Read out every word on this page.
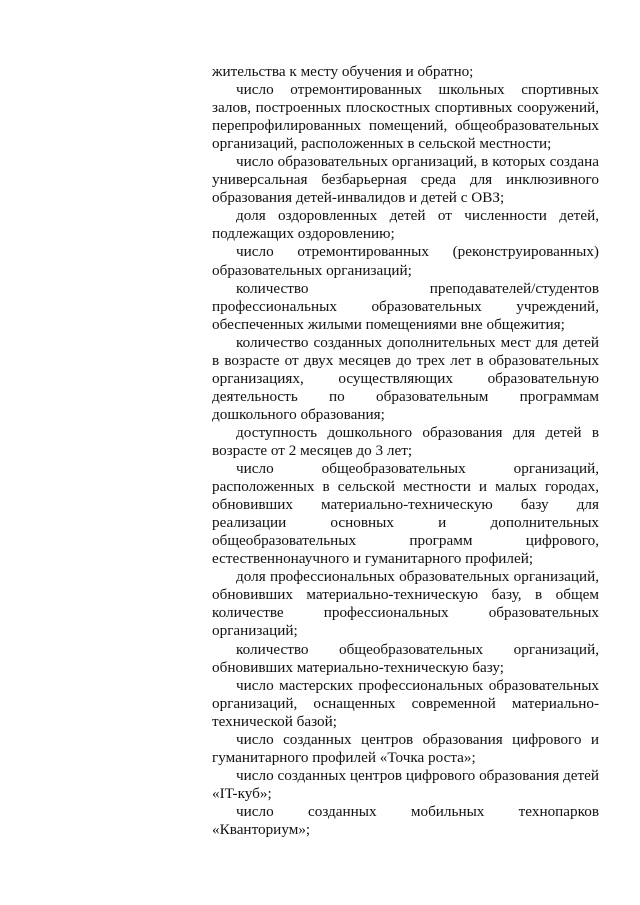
жительства к месту обучения и обратно;

число отремонтированных школьных спортивных залов, построенных плоскостных спортивных сооружений, перепрофилированных помещений, общеобразовательных организаций, расположенных в сельской местности;

число образовательных организаций, в которых создана универсальная безбарьерная среда для инклюзивного образования детей-инвалидов и детей с ОВЗ;

доля оздоровленных детей от численности детей, подлежащих оздоровлению;

число отремонтированных (реконструированных) образовательных организаций;

количество преподавателей/студентов профессиональных образовательных учреждений, обеспеченных жилыми помещениями вне общежития;

количество созданных дополнительных мест для детей в возрасте от двух месяцев до трех лет в образовательных организациях, осуществляющих образовательную деятельность по образовательным программам дошкольного образования;

доступность дошкольного образования для детей в возрасте от 2 месяцев до 3 лет;

число общеобразовательных организаций, расположенных в сельской местности и малых городах, обновивших материально-техническую базу для реализации основных и дополнительных общеобразовательных программ цифрового, естественнонаучного и гуманитарного профилей;

доля профессиональных образовательных организаций, обновивших материально-техническую базу, в общем количестве профессиональных образовательных организаций;

количество общеобразовательных организаций, обновивших материально-техническую базу;

число мастерских профессиональных образовательных организаций, оснащенных современной материально-технической базой;

число созданных центров образования цифрового и гуманитарного профилей «Точка роста»;

число созданных центров цифрового образования детей «IT-куб»;

число созданных мобильных технопарков «Кванториум»;
